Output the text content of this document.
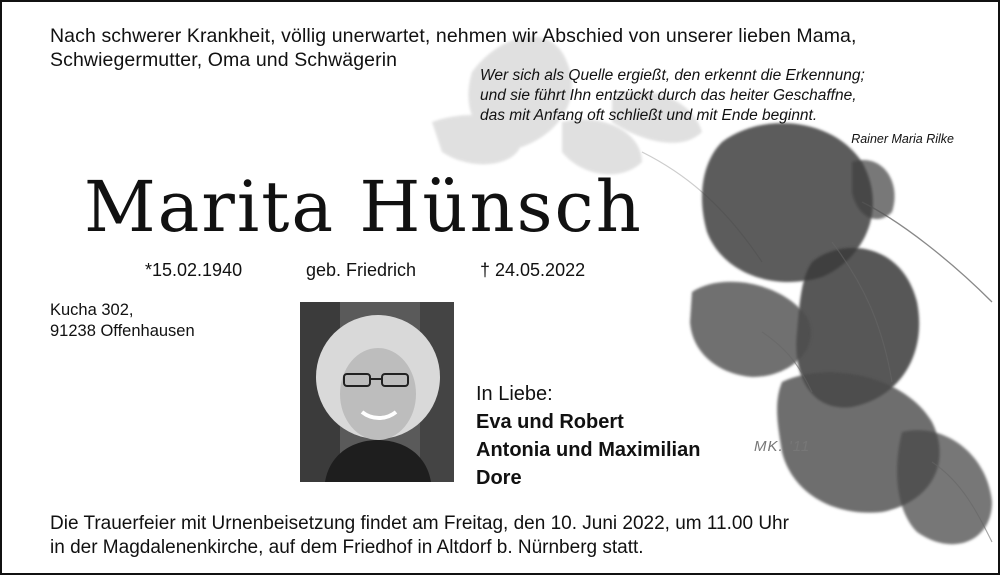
Nach schwerer Krankheit, völlig unerwartet, nehmen wir Abschied von unserer lieben Mama,
Schwiegermutter, Oma und Schwägerin
Wer sich als Quelle ergießt, den erkennt die Erkennung;
und sie führt Ihn entzückt durch das heiter Geschaffne,
das mit Anfang oft schließt und mit Ende beginnt.
Rainer Maria Rilke
Marita Hünsch
*15.02.1940	geb. Friedrich	† 24.05.2022
Kucha 302,
91238 Offenhausen
In Liebe:
Eva und Robert
Antonia und Maximilian
Dore
MK. '11
Die Trauerfeier mit Urnenbeisetzung findet am Freitag, den 10. Juni 2022, um 11.00 Uhr
in der Magdalenenkirche, auf dem Friedhof in Altdorf b. Nürnberg statt.
